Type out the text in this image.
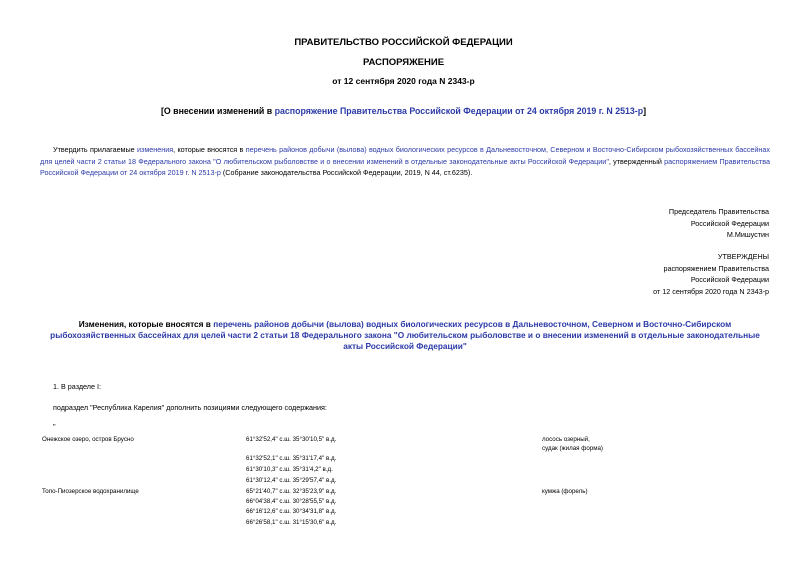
ПРАВИТЕЛЬСТВО РОССИЙСКОЙ ФЕДЕРАЦИИ
РАСПОРЯЖЕНИЕ
от 12 сентября 2020 года N 2343-р
[О внесении изменений в распоряжение Правительства Российской Федерации от 24 октября 2019 г. N 2513-р]
Утвердить прилагаемые изменения, которые вносятся в перечень районов добычи (вылова) водных биологических ресурсов в Дальневосточном, Северном и Восточно-Сибирском рыбохозяйственных бассейнах для целей части 2 статьи 18 Федерального закона "О любительском рыболовстве и о внесении изменений в отдельные законодательные акты Российской Федерации", утвержденный распоряжением Правительства Российской Федерации от 24 октября 2019 г. N 2513-р (Собрание законодательства Российской Федерации, 2019, N 44, ст.6235).
Председатель Правительства
Российской Федерации
М.Мишустин
УТВЕРЖДЕНЫ
распоряжением Правительства
Российской Федерации
от 12 сентября 2020 года N 2343-р
Изменения, которые вносятся в перечень районов добычи (вылова) водных биологических ресурсов в Дальневосточном, Северном и Восточно-Сибирском рыбохозяйственных бассейнах для целей части 2 статьи 18 Федерального закона "О любительском рыболовстве и о внесении изменений в отдельные законодательные акты Российской Федерации"
1. В разделе I:
подраздел "Республика Карелия" дополнить позициями следующего содержания:
"
Онежское озеро, остров Брусно	61°32'52,4" с.ш. 35°30'10,5" в.д.	лосось озерный,
судак (жилая форма)
61°32'52,1" с.ш. 35°31'17,4" в.д.
61°30'10,3" с.ш. 35°31'4,2" в.д.
61°30'12,4" с.ш. 35°29'57,4" в.д.
Топо-Пиозерское водохранилище	65°21'40,7" с.ш. 32°35'23,9" в.д.	кумжа (форель)
66°04'38,4" с.ш. 30°28'55,5" в.д.
66°16'12,6" с.ш. 30°34'31,8" в.д.
66°26'58,1" с.ш. 31°15'30,6" в.д.
